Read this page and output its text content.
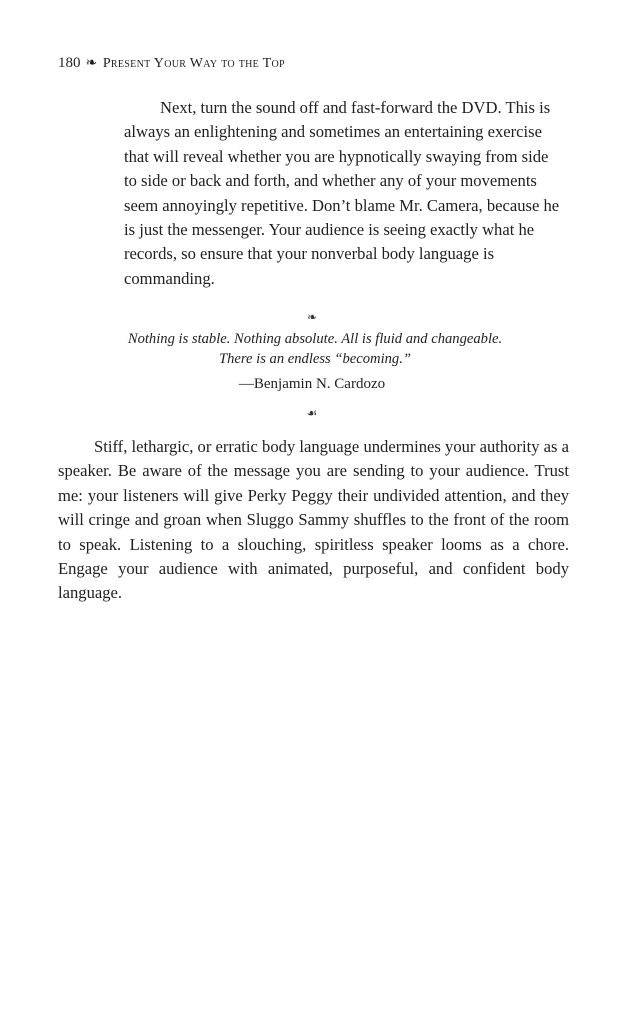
180 ❧ Present Your Way to the Top

Next, turn the sound off and fast-forward the DVD. This is always an enlightening and sometimes an entertaining exercise that will reveal whether you are hypnotically swaying from side to side or back and forth, and whether any of your movements seem annoyingly repetitive. Don’t blame Mr. Camera, because he is just the messenger. Your audience is seeing exactly what he records, so ensure that your nonverbal body language is commanding.

❧
Nothing is stable. Nothing absolute. All is fluid and changeable.
There is an endless “becoming.”
—Benjamin N. Cardozo
☙

Stiff, lethargic, or erratic body language undermines your authority as a speaker. Be aware of the message you are sending to your audience. Trust me: your listeners will give Perky Peggy their undivided attention, and they will cringe and groan when Sluggo Sammy shuffles to the front of the room to speak. Listening to a slouching, spiritless speaker looms as a chore. Engage your audience with animated, purposeful, and confident body language.
